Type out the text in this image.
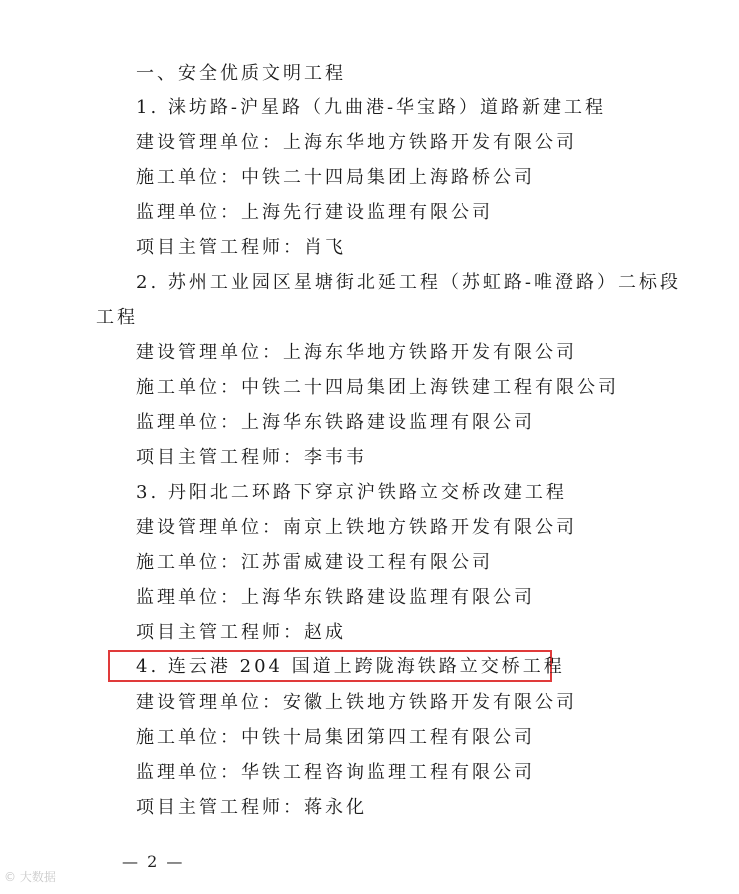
一、安全优质文明工程
1. 涞坊路-沪星路（九曲港-华宝路）道路新建工程
建设管理单位：上海东华地方铁路开发有限公司
施工单位：中铁二十四局集团上海路桥公司
监理单位：上海先行建设监理有限公司
项目主管工程师：肖飞
2. 苏州工业园区星塘街北延工程（苏虹路-唯澄路）二标段
工程
建设管理单位：上海东华地方铁路开发有限公司
施工单位：中铁二十四局集团上海铁建工程有限公司
监理单位：上海华东铁路建设监理有限公司
项目主管工程师：李韦韦
3. 丹阳北二环路下穿京沪铁路立交桥改建工程
建设管理单位：南京上铁地方铁路开发有限公司
施工单位：江苏雷威建设工程有限公司
监理单位：上海华东铁路建设监理有限公司
项目主管工程师：赵成
4. 连云港 204 国道上跨陇海铁路立交桥工程
建设管理单位：安徽上铁地方铁路开发有限公司
施工单位：中铁十局集团第四工程有限公司
监理单位：华铁工程咨询监理工程有限公司
项目主管工程师：蒋永化
— 2 —
© 大数据
